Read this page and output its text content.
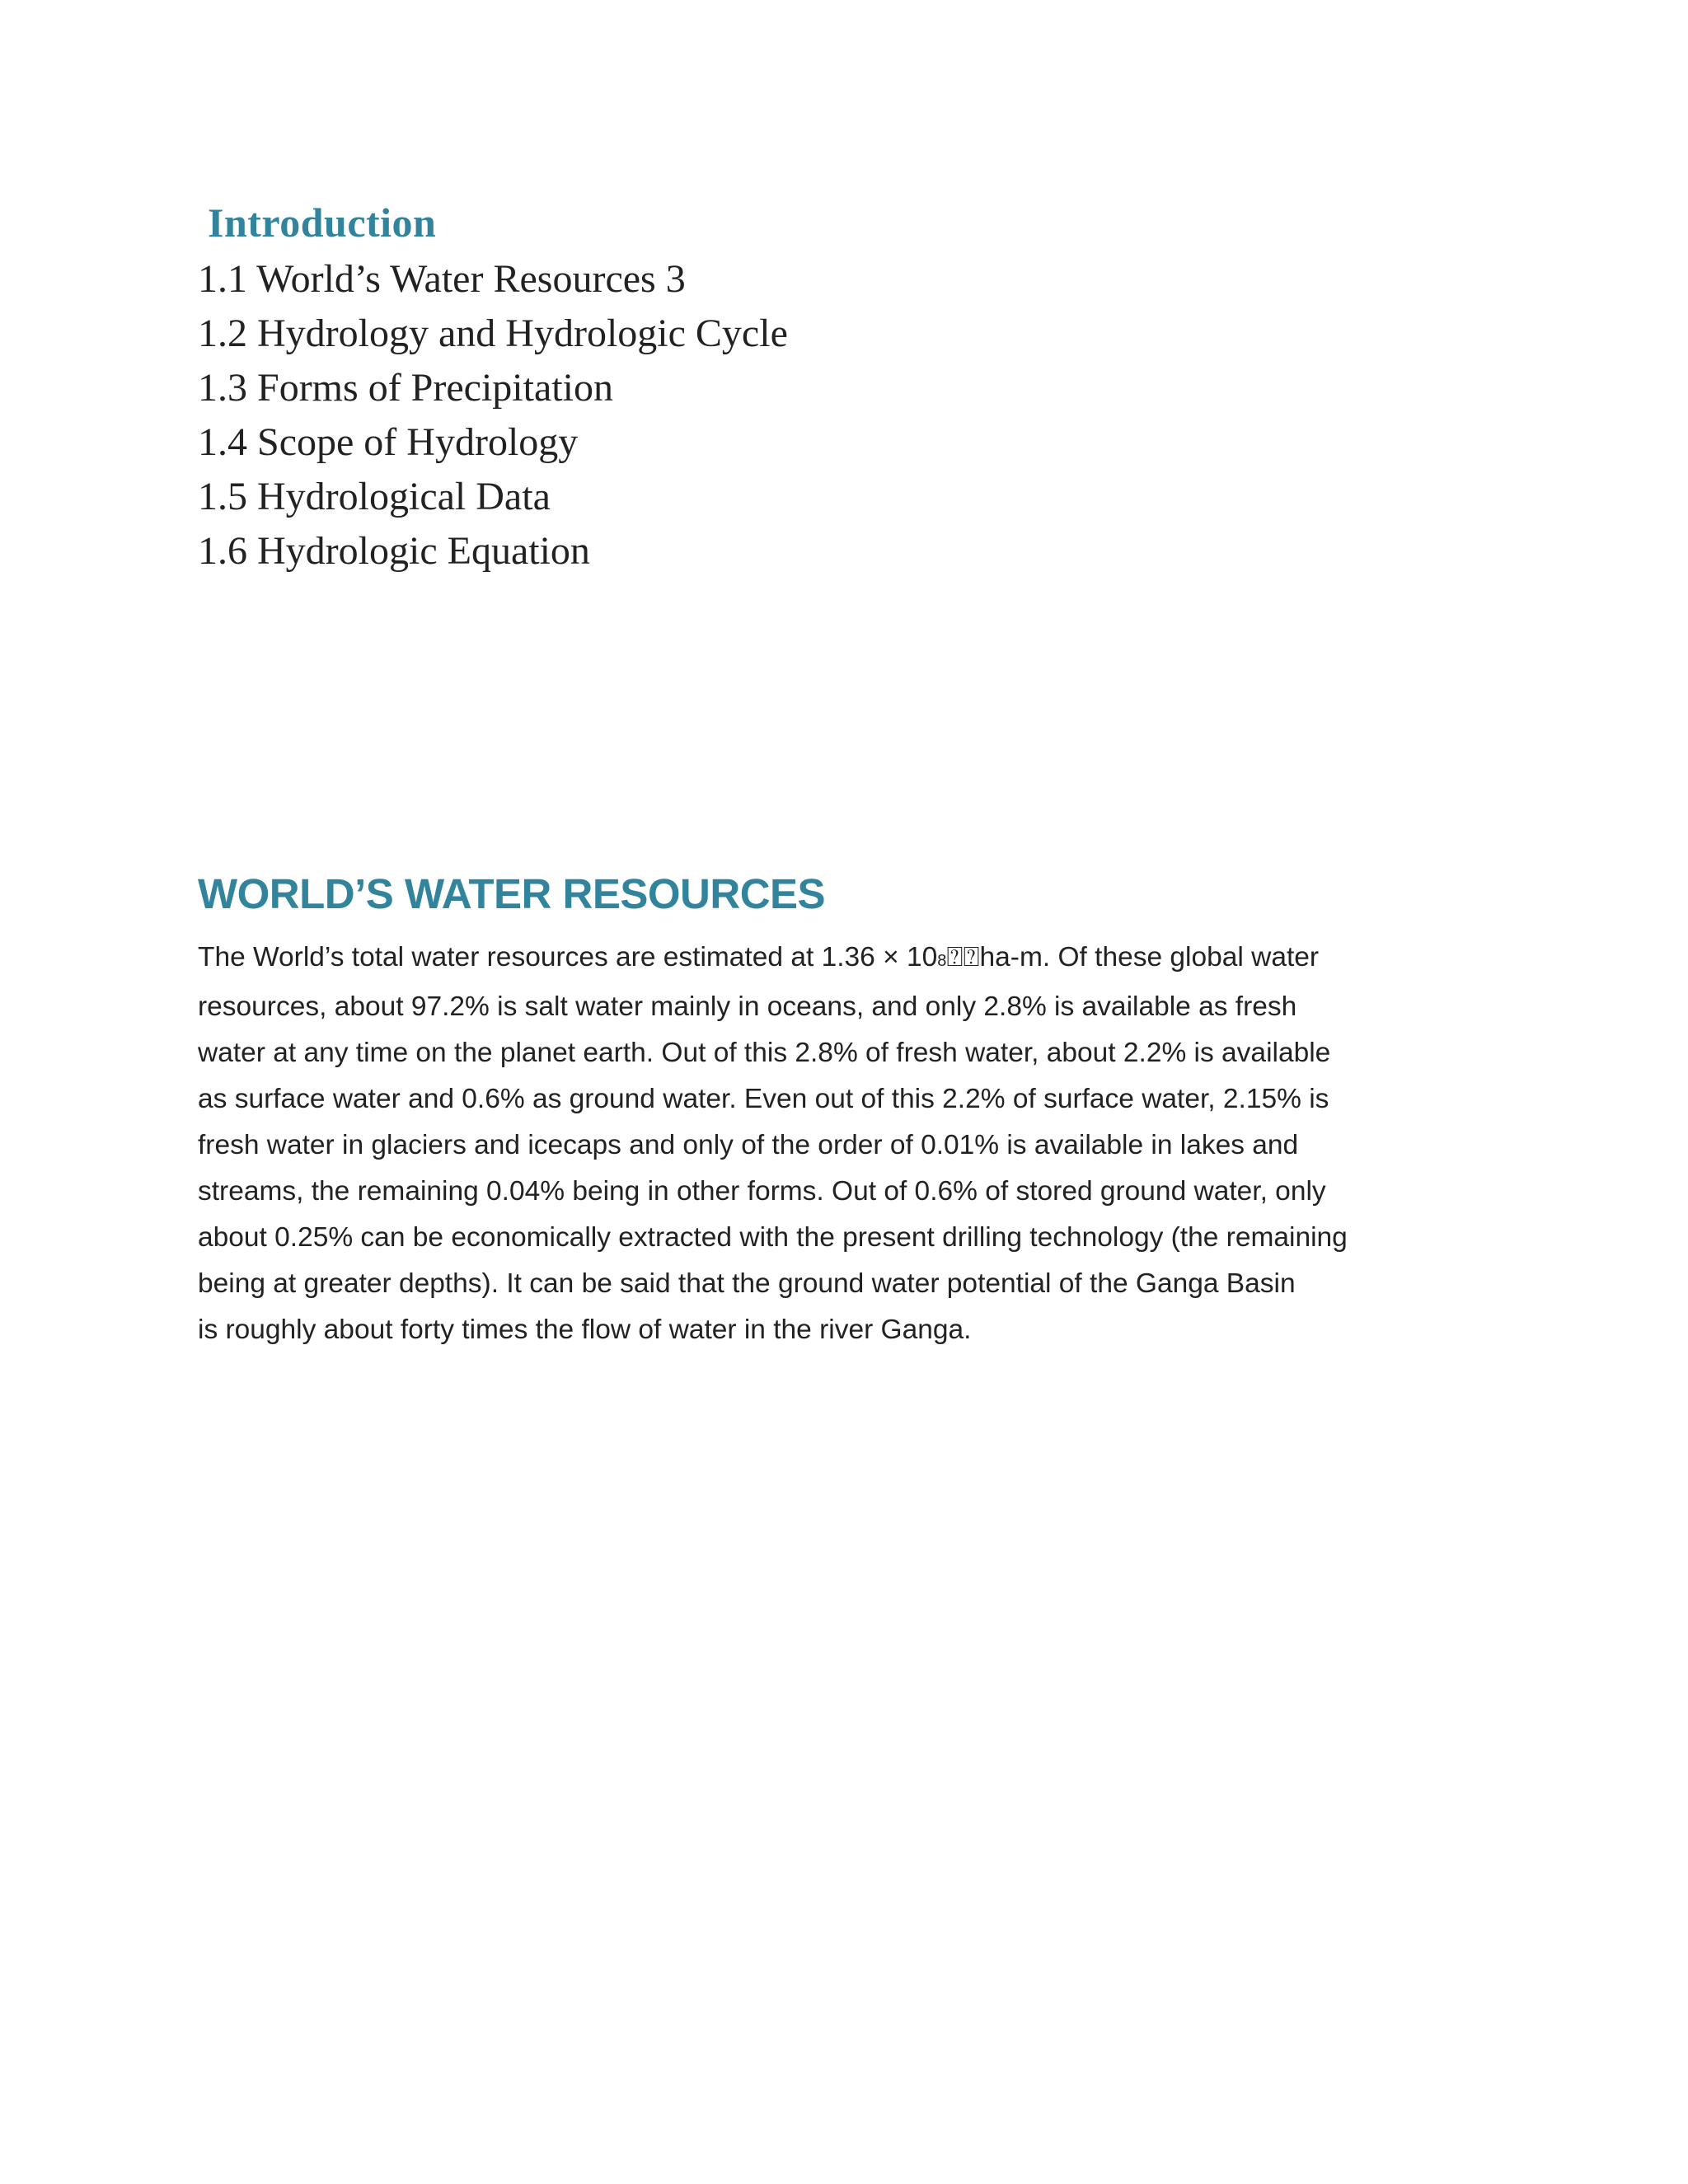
Introduction
1.1 World’s Water Resources 3
1.2 Hydrology and Hydrologic Cycle
1.3 Forms of Precipitation
1.4 Scope of Hydrology
1.5 Hydrological Data
1.6 Hydrologic Equation
WORLD’S WATER RESOURCES

The World’s total water resources are estimated at 1.36 × 108⍰⍰ha-m. Of these global water
resources, about 97.2% is salt water mainly in oceans, and only 2.8% is available as fresh
water at any time on the planet earth. Out of this 2.8% of fresh water, about 2.2% is available
as surface water and 0.6% as ground water. Even out of this 2.2% of surface water, 2.15% is
fresh water in glaciers and icecaps and only of the order of 0.01% is available in lakes and
streams, the remaining 0.04% being in other forms. Out of 0.6% of stored ground water, only
about 0.25% can be economically extracted with the present drilling technology (the remaining
being at greater depths). It can be said that the ground water potential of the Ganga Basin
is roughly about forty times the flow of water in the river Ganga.
